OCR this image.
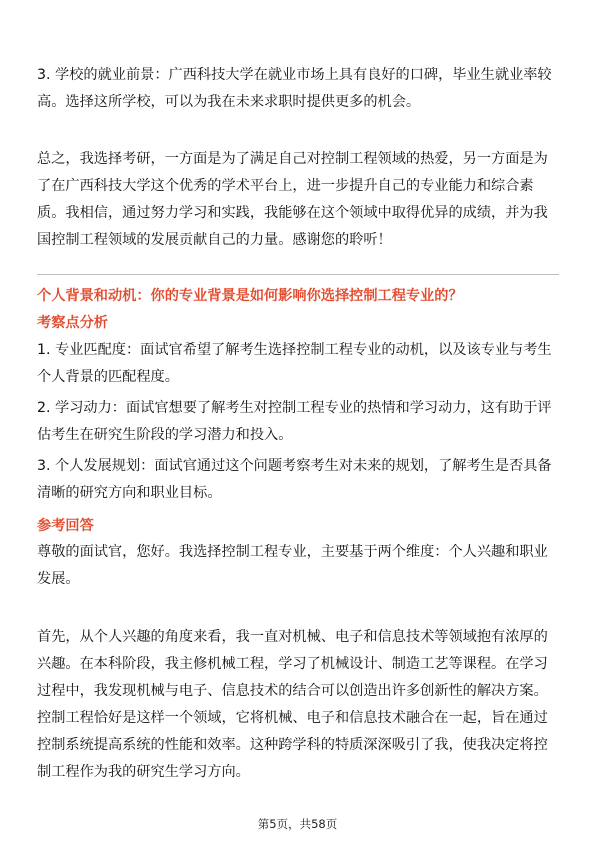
3. 学校的就业前景：广西科技大学在就业市场上具有良好的口碑，毕业生就业率较高。选择这所学校，可以为我在未来求职时提供更多的机会。

总之，我选择考研，一方面是为了满足自己对控制工程领域的热爱，另一方面是为了在广西科技大学这个优秀的学术平台上，进一步提升自己的专业能力和综合素质。我相信，通过努力学习和实践，我能够在这个领域中取得优异的成绩，并为我国控制工程领域的发展贡献自己的力量。感谢您的聆听！

个人背景和动机：你的专业背景是如何影响你选择控制工程专业的？

考察点分析

1. 专业匹配度：面试官希望了解考生选择控制工程专业的动机，以及该专业与考生个人背景的匹配程度。

2. 学习动力：面试官想要了解考生对控制工程专业的热情和学习动力，这有助于评估考生在研究生阶段的学习潜力和投入。

3. 个人发展规划：面试官通过这个问题考察考生对未来的规划，了解考生是否具备清晰的研究方向和职业目标。

参考回答

尊敬的面试官，您好。我选择控制工程专业，主要基于两个维度：个人兴趣和职业发展。

首先，从个人兴趣的角度来看，我一直对机械、电子和信息技术等领域抱有浓厚的兴趣。在本科阶段，我主修机械工程，学习了机械设计、制造工艺等课程。在学习过程中，我发现机械与电子、信息技术的结合可以创造出许多创新性的解决方案。控制工程恰好是这样一个领域，它将机械、电子和信息技术融合在一起，旨在通过控制系统提高系统的性能和效率。这种跨学科的特质深深吸引了我，使我决定将控制工程作为我的研究生学习方向。

第5页，共58页
